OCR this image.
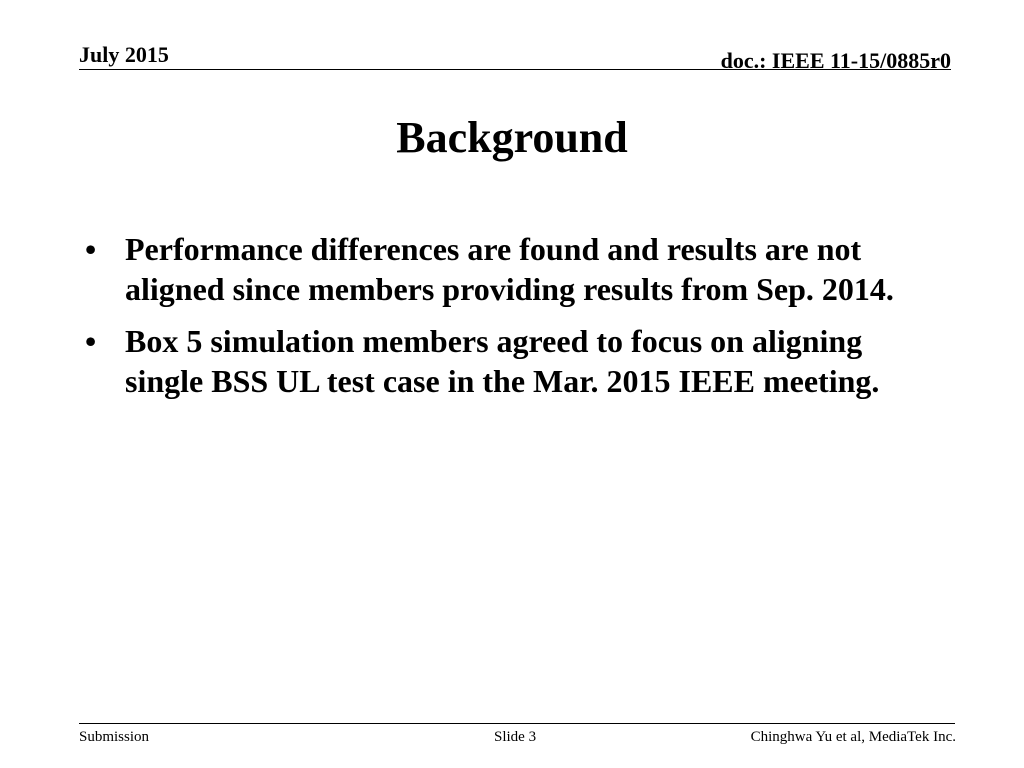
July 2015	doc.: IEEE 11-15/0885r0
Background
• Performance differences are found and results are not aligned since members providing results from Sep. 2014.
• Box 5 simulation members agreed to focus on aligning single BSS UL test case in the Mar. 2015 IEEE meeting.
Submission	Slide 3	Chinghwa Yu et al, MediaTek Inc.
